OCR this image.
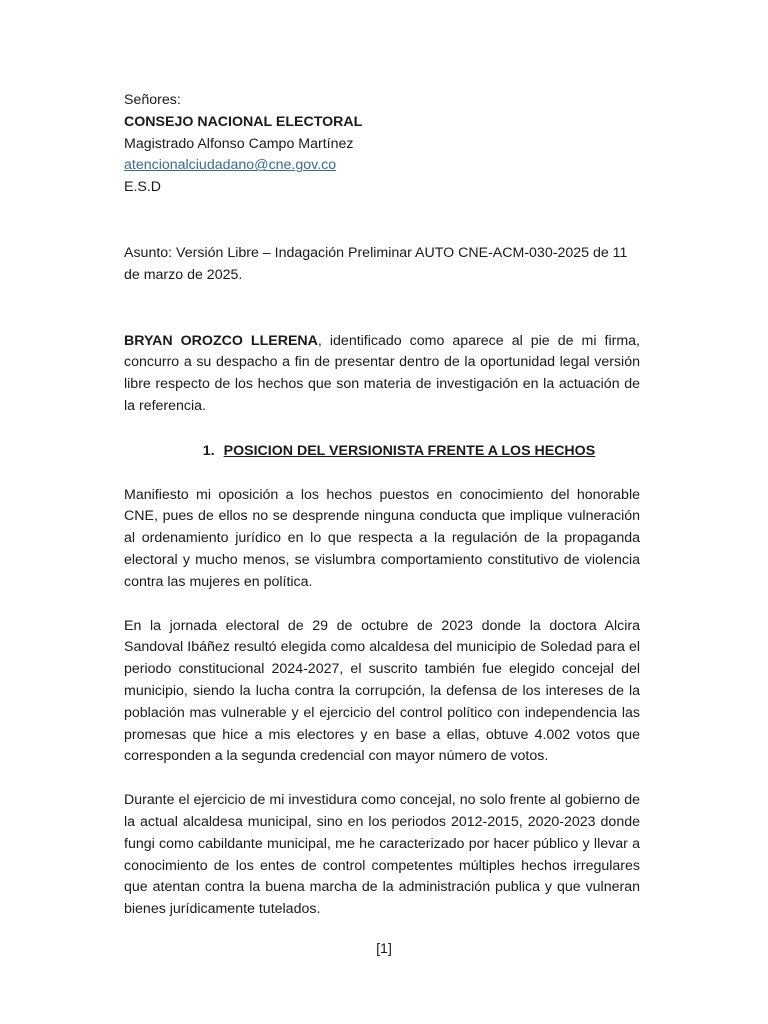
Señores:
CONSEJO NACIONAL ELECTORAL
Magistrado Alfonso Campo Martínez
atencionalciudadano@cne.gov.co
E.S.D
Asunto: Versión Libre – Indagación Preliminar AUTO CNE-ACM-030-2025 de 11
de marzo de 2025.

BRYAN OROZCO LLERENA, identificado como aparece al pie de mi firma, concurro a su despacho a fin de presentar dentro de la oportunidad legal versión libre respecto de los hechos que son materia de investigación en la actuación de la referencia.

1. POSICION DEL VERSIONISTA FRENTE A LOS HECHOS

Manifiesto mi oposición a los hechos puestos en conocimiento del honorable CNE, pues de ellos no se desprende ninguna conducta que implique vulneración al ordenamiento jurídico en lo que respecta a la regulación de la propaganda electoral y mucho menos, se vislumbra comportamiento constitutivo de violencia contra las mujeres en política.

En la jornada electoral de 29 de octubre de 2023 donde la doctora Alcira Sandoval Ibáñez resultó elegida como alcaldesa del municipio de Soledad para el periodo constitucional 2024-2027, el suscrito también fue elegido concejal del municipio, siendo la lucha contra la corrupción, la defensa de los intereses de la población mas vulnerable y el ejercicio del control político con independencia las promesas que hice a mis electores y en base a ellas, obtuve 4.002 votos que corresponden a la segunda credencial con mayor número de votos.

Durante el ejercicio de mi investidura como concejal, no solo frente al gobierno de la actual alcaldesa municipal, sino en los periodos 2012-2015, 2020-2023 donde fungi como cabildante municipal, me he caracterizado por hacer público y llevar a conocimiento de los entes de control competentes múltiples hechos irregulares que atentan contra la buena marcha de la administración publica y que vulneran bienes jurídicamente tutelados.

[1]
